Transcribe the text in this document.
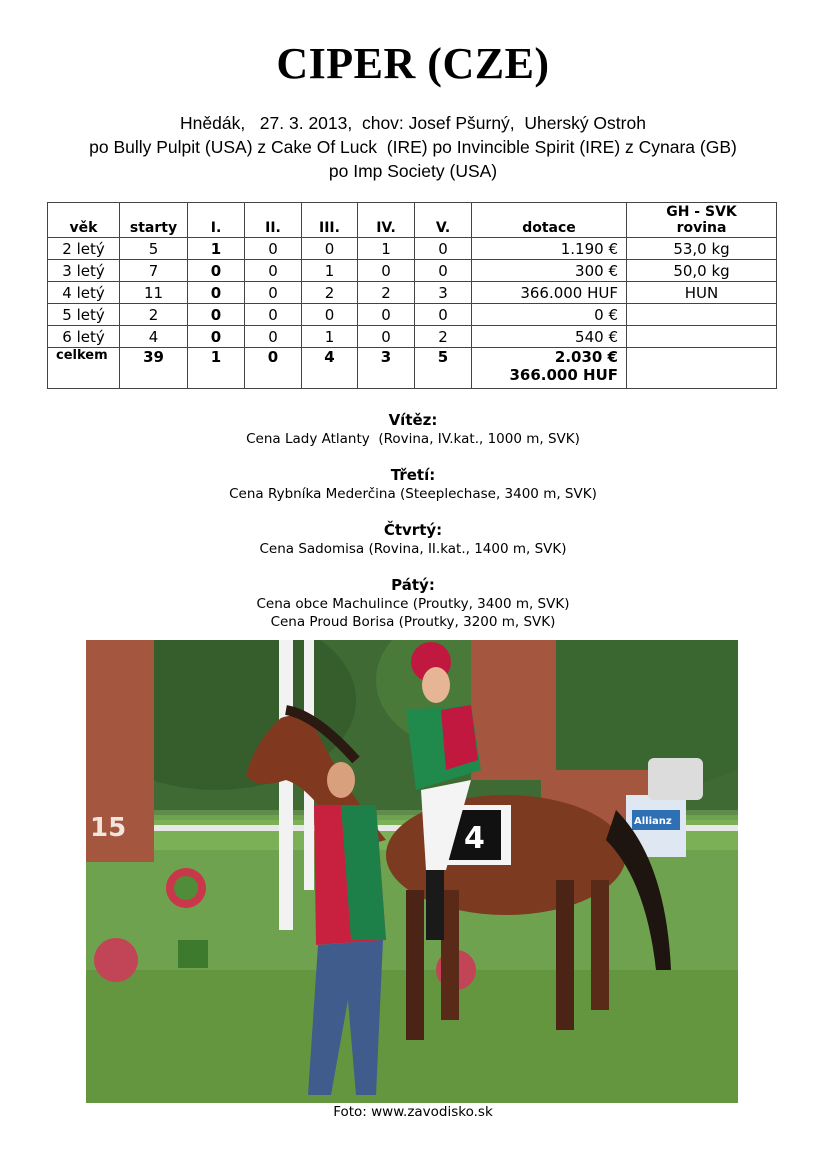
CIPER (CZE)
Hnědák,   27. 3. 2013,  chov: Josef Pšurný,  Uherský Ostroh
po Bully Pulpit (USA) z Cake Of Luck  (IRE) po Invincible Spirit (IRE) z Cynara (GB)
po Imp Society (USA)
věk	starty	I.	II.	III.	IV.	V.	dotace	GH - SVK
rovina

2 letý	5	1	0	0	1	0	1.190 €	53,0 kg
3 letý	7	0	0	1	0	0	300 €	50,0 kg
4 letý	11	0	0	2	2	3	366.000 HUF	HUN
5 letý	2	0	0	0	0	0	0 €	
6 letý	4	0	0	1	0	2	540 €	
celkem	39	1	0	4	3	5	2.030 €
366.000 HUF	

Vítěz:
Cena Lady Atlanty  (Rovina, IV.kat., 1000 m, SVK)
Třetí:
Cena Rybníka Mederčina (Steeplechase, 3400 m, SVK)
Čtvrtý:
Cena Sadomisa (Rovina, II.kat., 1400 m, SVK)
Pátý:
Cena obce Machulince (Proutky, 3400 m, SVK)
Cena Proud Borisa (Proutky, 3200 m, SVK)
15	Allianz
4
Foto: www.zavodisko.sk
